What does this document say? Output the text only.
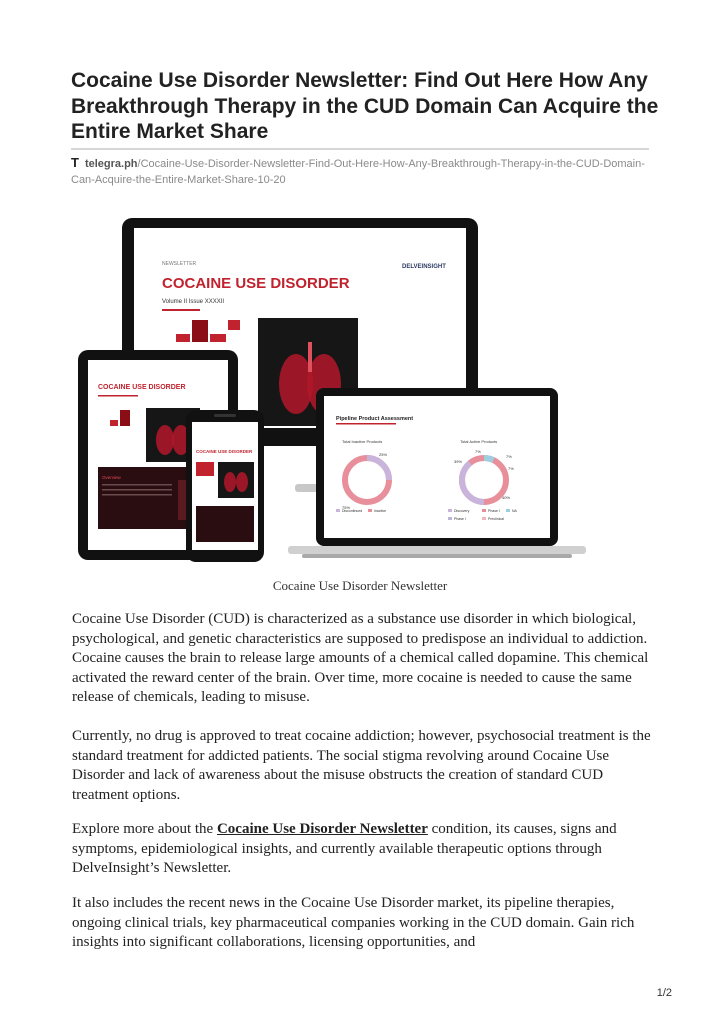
Cocaine Use Disorder Newsletter: Find Out Here How Any Breakthrough Therapy in the CUD Domain Can Acquire the Entire Market Share
T telegra.ph/Cocaine-Use-Disorder-Newsletter-Find-Out-Here-How-Any-Breakthrough-Therapy-in-the-CUD-Domain-Can-Acquire-the-Entire-Market-Share-10-20
NEWSLETTER
COCAINE USE DISORDER
Volume II Issue XXXXII
DELVEINSIGHT
Pipeline Product Assessment
Total Inactive Products	Total Active Products
25%
75%
7%
7%
7%
39%
40%
Discontinued	Inactive	Discovery	Phase I	NA
Phase I	Preclinical
COCAINE USE DISORDER
Overview
COCAINE USE DISORDER
Cocaine Use Disorder Newsletter

Cocaine Use Disorder (CUD) is characterized as a substance use disorder in which biological, psychological, and genetic characteristics are supposed to predispose an individual to addiction. Cocaine causes the brain to release large amounts of a chemical called dopamine. This chemical activated the reward center of the brain. Over time, more cocaine is needed to cause the same release of chemicals, leading to misuse.

Currently, no drug is approved to treat cocaine addiction; however, psychosocial treatment is the standard treatment for addicted patients. The social stigma revolving around Cocaine Use Disorder and lack of awareness about the misuse obstructs the creation of standard CUD treatment options.

Explore more about the Cocaine Use Disorder Newsletter condition, its causes, signs and symptoms, epidemiological insights, and currently available therapeutic options through DelveInsight’s Newsletter.

It also includes the recent news in the Cocaine Use Disorder market, its pipeline therapies, ongoing clinical trials, key pharmaceutical companies working in the CUD domain. Gain rich insights into significant collaborations, licensing opportunities, and

1/2
